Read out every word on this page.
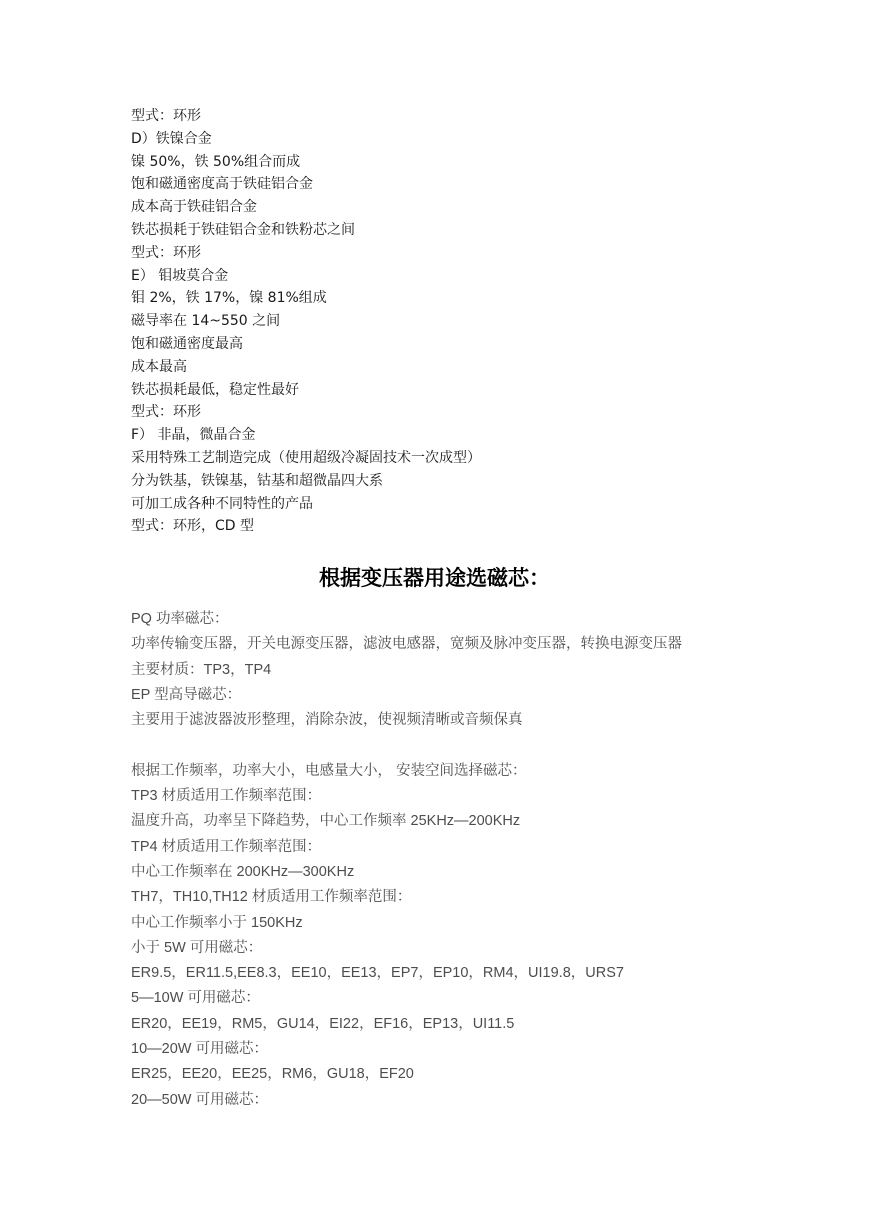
型式：环形
D）铁镍合金
镍 50%，铁 50%组合而成
饱和磁通密度高于铁硅铝合金
成本高于铁硅铝合金
铁芯损耗于铁硅铝合金和铁粉芯之间
型式：环形
E） 钼坡莫合金
钼 2%，铁 17%，镍 81%组成
磁导率在 14~550 之间
饱和磁通密度最高
成本最高
铁芯损耗最低，稳定性最好
型式：环形
F） 非晶，微晶合金
采用特殊工艺制造完成（使用超级冷凝固技术一次成型）
分为铁基，铁镍基，钴基和超微晶四大系
可加工成各种不同特性的产品
型式：环形，CD 型
根据变压器用途选磁芯：
PQ 功率磁芯：
功率传输变压器，开关电源变压器，滤波电感器，宽频及脉冲变压器，转换电源变压器
主要材质：TP3，TP4
EP 型高导磁芯：
主要用于滤波器波形整理，消除杂波，使视频清晰或音频保真
根据工作频率，功率大小，电感量大小， 安装空间选择磁芯：
TP3 材质适用工作频率范围：
温度升高，功率呈下降趋势，中心工作频率 25KHz—200KHz
TP4 材质适用工作频率范围：
中心工作频率在 200KHz—300KHz
TH7，TH10,TH12 材质适用工作频率范围：
中心工作频率小于 150KHz
小于 5W 可用磁芯：
ER9.5，ER11.5,EE8.3，EE10，EE13，EP7，EP10，RM4，UI19.8，URS7
5—10W 可用磁芯：
ER20，EE19，RM5，GU14，EI22，EF16，EP13，UI11.5
10—20W 可用磁芯：
ER25，EE20，EE25，RM6，GU18，EF20
20—50W 可用磁芯：
